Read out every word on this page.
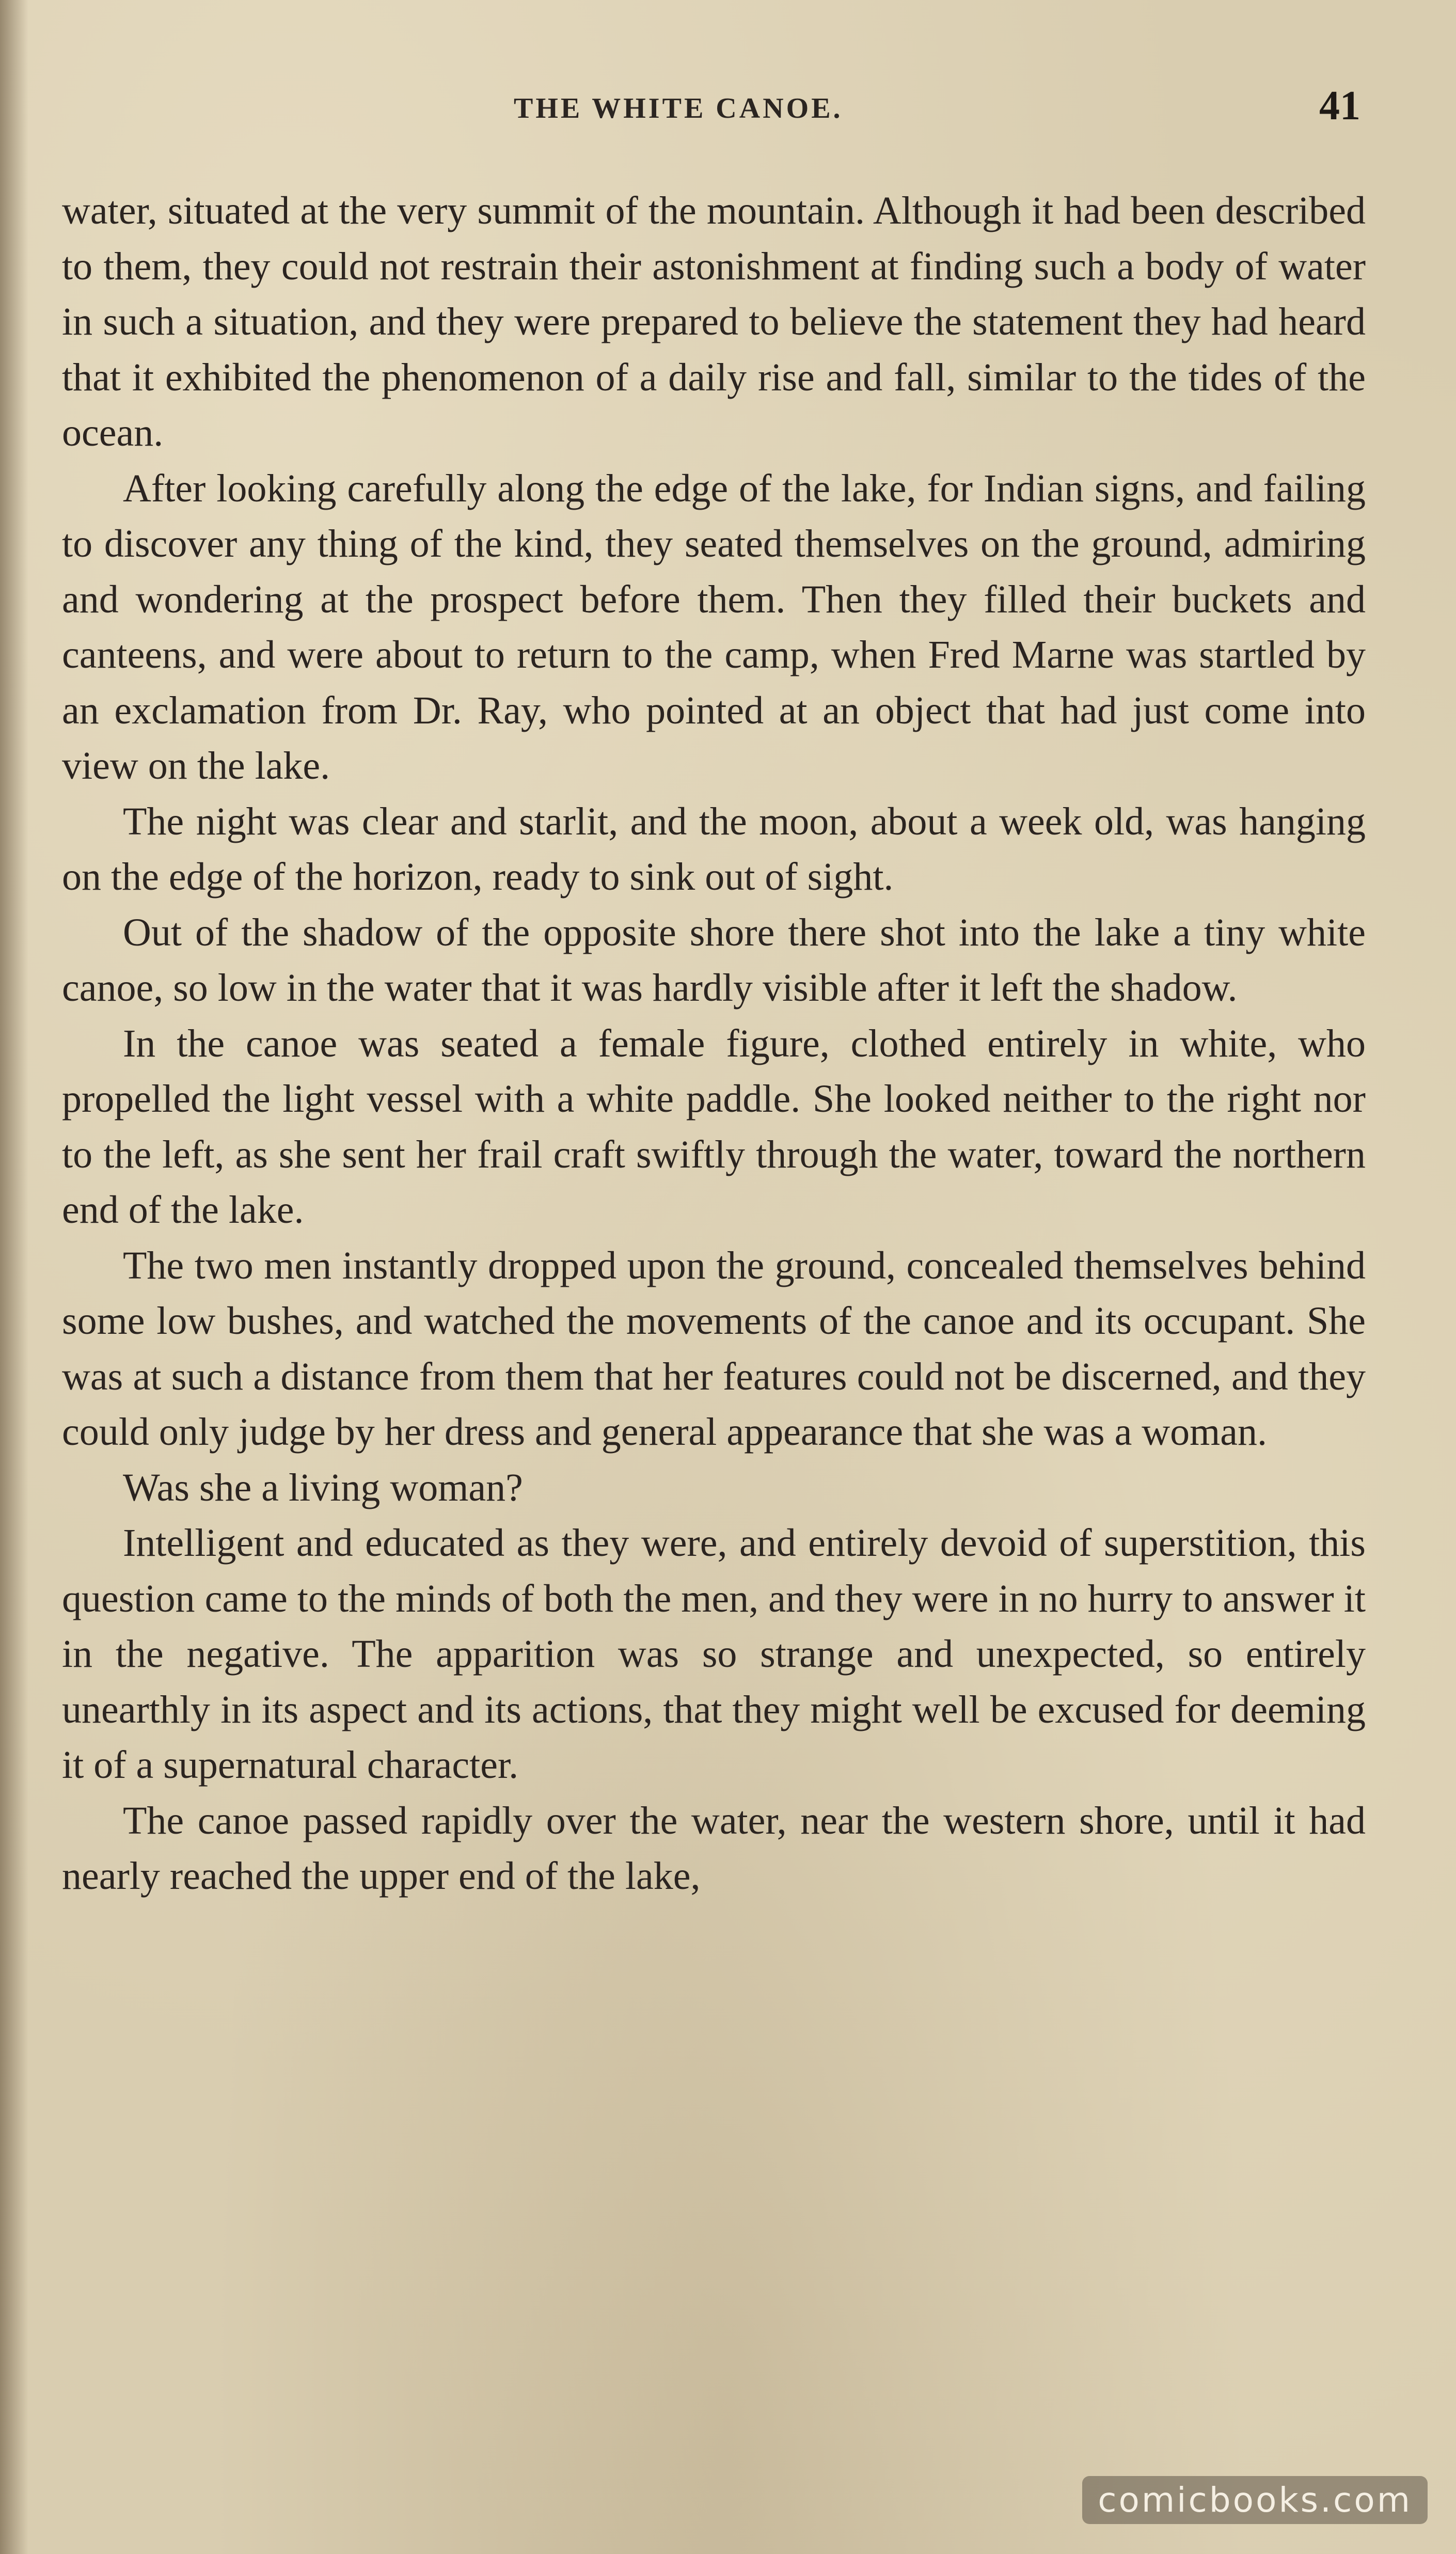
THE WHITE CANOE.	41

water, situated at the very summit of the mountain. Although it had been described to them, they could not restrain their astonishment at finding such a body of water in such a situation, and they were prepared to believe the statement they had heard that it exhibited the phenomenon of a daily rise and fall, similar to the tides of the ocean.

After looking carefully along the edge of the lake, for Indian signs, and failing to discover any thing of the kind, they seated themselves on the ground, admiring and wondering at the prospect before them. Then they filled their buckets and canteens, and were about to return to the camp, when Fred Marne was startled by an exclamation from Dr. Ray, who pointed at an object that had just come into view on the lake.

The night was clear and starlit, and the moon, about a week old, was hanging on the edge of the horizon, ready to sink out of sight.

Out of the shadow of the opposite shore there shot into the lake a tiny white canoe, so low in the water that it was hardly visible after it left the shadow.

In the canoe was seated a female figure, clothed entirely in white, who propelled the light vessel with a white paddle. She looked neither to the right nor to the left, as she sent her frail craft swiftly through the water, toward the northern end of the lake.

The two men instantly dropped upon the ground, concealed themselves behind some low bushes, and watched the movements of the canoe and its occupant. She was at such a distance from them that her features could not be discerned, and they could only judge by her dress and general appearance that she was a woman.

Was she a living woman?

Intelligent and educated as they were, and entirely devoid of superstition, this question came to the minds of both the men, and they were in no hurry to answer it in the negative. The apparition was so strange and unexpected, so entirely unearthly in its aspect and its actions, that they might well be excused for deeming it of a supernatural character.

The canoe passed rapidly over the water, near the western shore, until it had nearly reached the upper end of the lake,

comicbooks.com
